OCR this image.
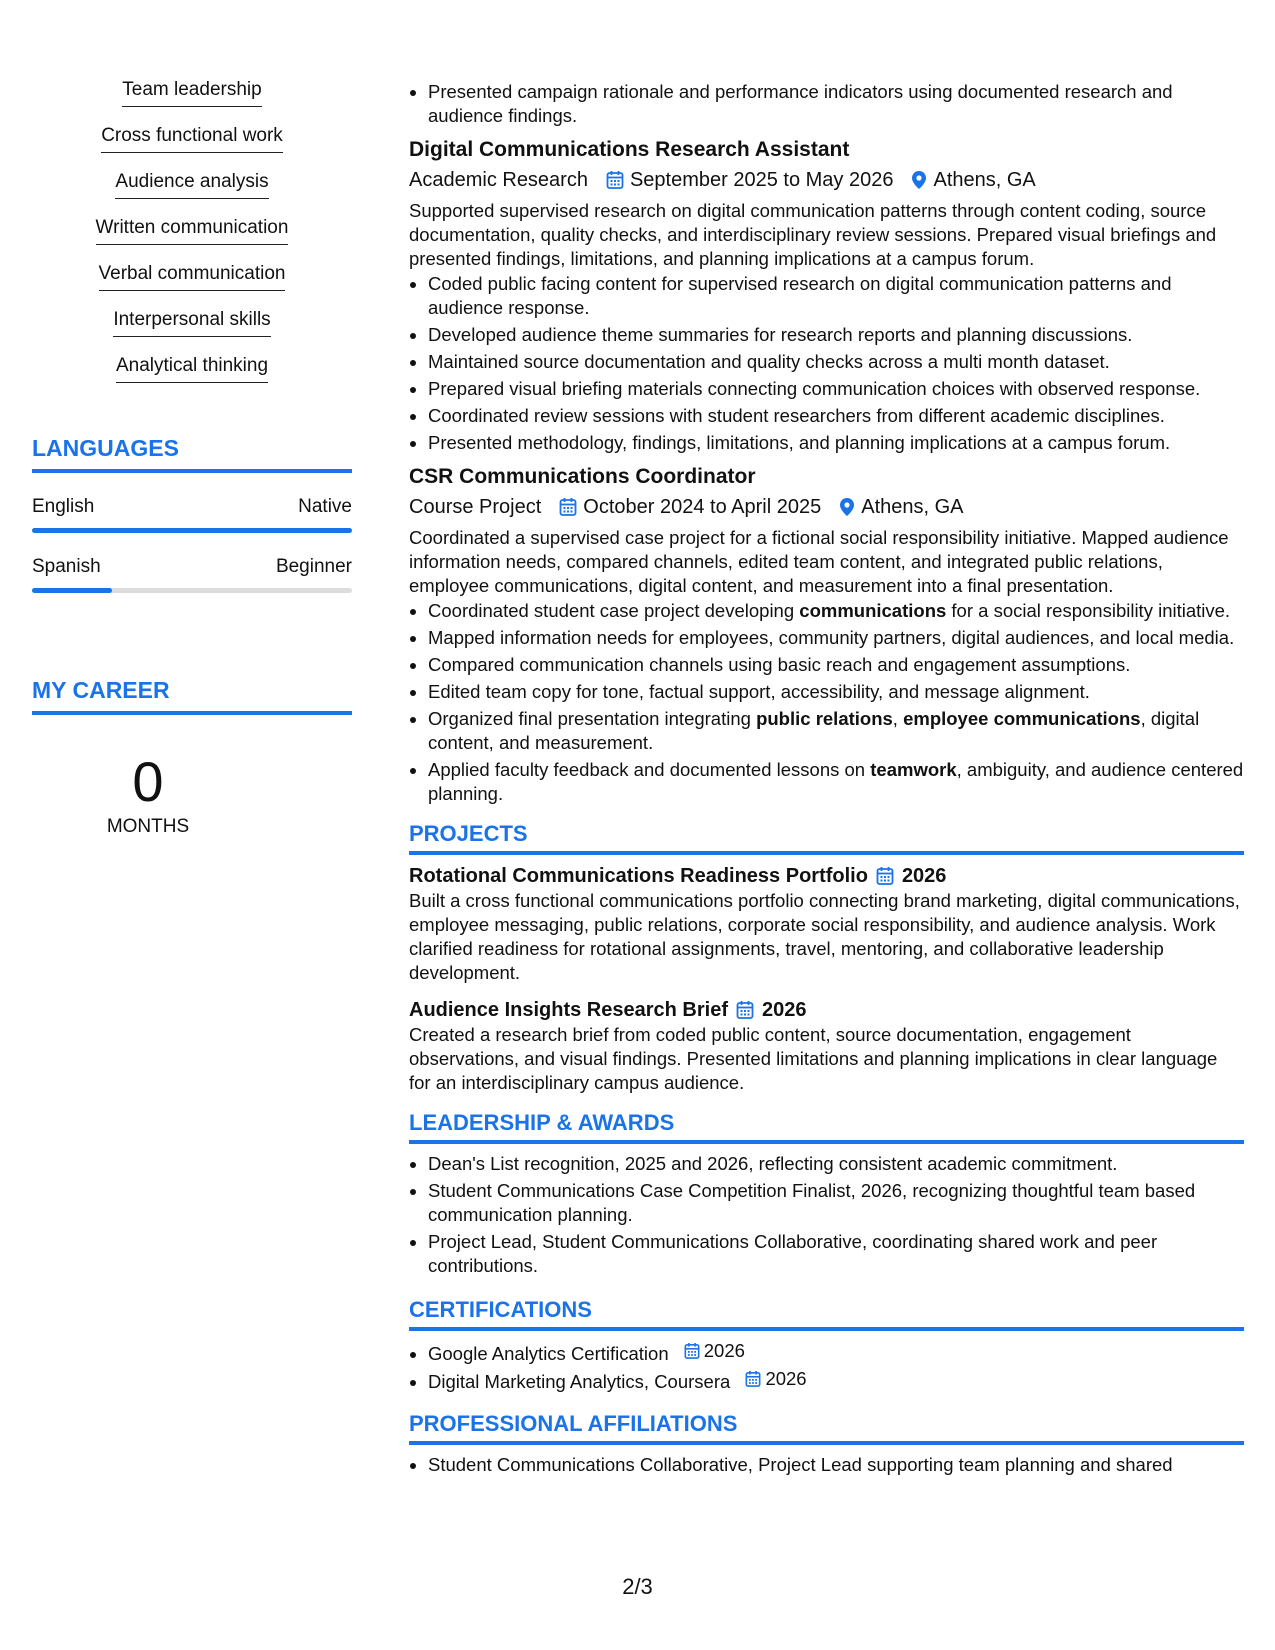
Team leadership
Cross functional work
Audience analysis
Written communication
Verbal communication
Interpersonal skills
Analytical thinking
LANGUAGES
English	Native
Spanish	Beginner
MY CAREER
0
MONTHS
• Presented campaign rationale and performance indicators using documented research and audience findings.
Digital Communications Research Assistant
Academic Research September 2025 to May 2026 Athens, GA
Supported supervised research on digital communication patterns through content coding, source documentation, quality checks, and interdisciplinary review sessions. Prepared visual briefings and presented findings, limitations, and planning implications at a campus forum.
• Coded public facing content for supervised research on digital communication patterns and audience response.
• Developed audience theme summaries for research reports and planning discussions.
• Maintained source documentation and quality checks across a multi month dataset.
• Prepared visual briefing materials connecting communication choices with observed response.
• Coordinated review sessions with student researchers from different academic disciplines.
• Presented methodology, findings, limitations, and planning implications at a campus forum.
CSR Communications Coordinator
Course Project October 2024 to April 2025 Athens, GA
Coordinated a supervised case project for a fictional social responsibility initiative. Mapped audience information needs, compared channels, edited team content, and integrated public relations, employee communications, digital content, and measurement into a final presentation.
• Coordinated student case project developing communications for a social responsibility initiative.
• Mapped information needs for employees, community partners, digital audiences, and local media.
• Compared communication channels using basic reach and engagement assumptions.
• Edited team copy for tone, factual support, accessibility, and message alignment.
• Organized final presentation integrating public relations, employee communications, digital content, and measurement.
• Applied faculty feedback and documented lessons on teamwork, ambiguity, and audience centered planning.
PROJECTS
Rotational Communications Readiness Portfolio 2026
Built a cross functional communications portfolio connecting brand marketing, digital communications, employee messaging, public relations, corporate social responsibility, and audience analysis. Work clarified readiness for rotational assignments, travel, mentoring, and collaborative leadership development.
Audience Insights Research Brief 2026
Created a research brief from coded public content, source documentation, engagement observations, and visual findings. Presented limitations and planning implications in clear language for an interdisciplinary campus audience.
LEADERSHIP & AWARDS
• Dean's List recognition, 2025 and 2026, reflecting consistent academic commitment.
• Student Communications Case Competition Finalist, 2026, recognizing thoughtful team based communication planning.
• Project Lead, Student Communications Collaborative, coordinating shared work and peer contributions.
CERTIFICATIONS
• Google Analytics Certification 2026
• Digital Marketing Analytics, Coursera 2026
PROFESSIONAL AFFILIATIONS
• Student Communications Collaborative, Project Lead supporting team planning and shared
2/3
